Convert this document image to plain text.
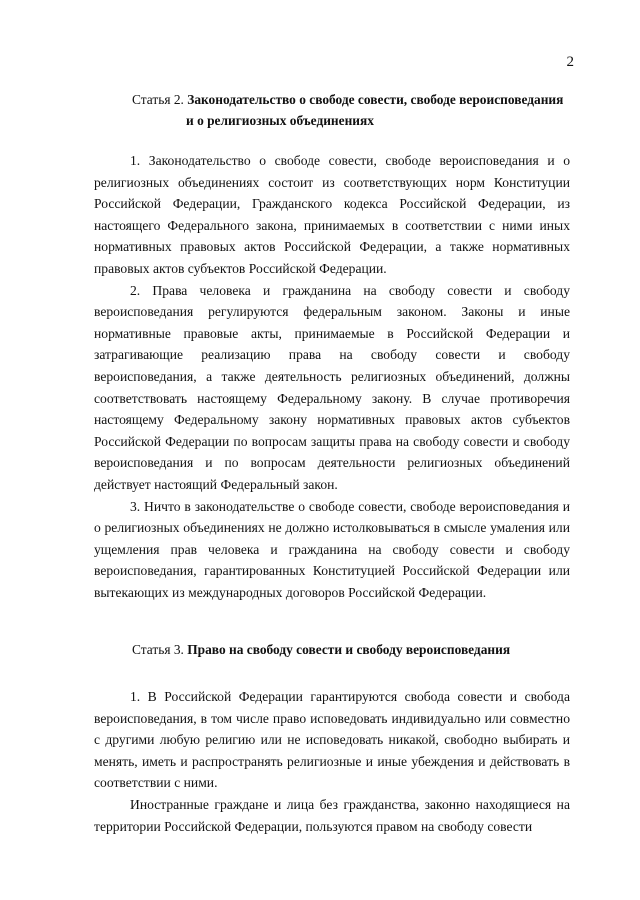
2
Статья 2. Законодательство о свободе совести, свободе вероисповедания
и о религиозных объединениях

1. Законодательство о свободе совести, свободе вероисповедания и о религиозных объединениях состоит из соответствующих норм Конституции Российской Федерации, Гражданского кодекса Российской Федерации, из настоящего Федерального закона, принимаемых в соответствии с ними иных нормативных правовых актов Российской Федерации, а также нормативных правовых актов субъектов Российской Федерации.

2. Права человека и гражданина на свободу совести и свободу вероисповедания регулируются федеральным законом. Законы и иные нормативные правовые акты, принимаемые в Российской Федерации и затрагивающие реализацию права на свободу совести и свободу вероисповедания, а также деятельность религиозных объединений, должны соответствовать настоящему Федеральному закону. В случае противоречия настоящему Федеральному закону нормативных правовых актов субъектов Российской Федерации по вопросам защиты права на свободу совести и свободу вероисповедания и по вопросам деятельности религиозных объединений действует настоящий Федеральный закон.

3. Ничто в законодательстве о свободе совести, свободе вероисповедания и о религиозных объединениях не должно истолковываться в смысле умаления или ущемления прав человека и гражданина на свободу совести и свободу вероисповедания, гарантированных Конституцией Российской Федерации или вытекающих из международных договоров Российской Федерации.

Статья 3. Право на свободу совести и свободу вероисповедания

1. В Российской Федерации гарантируются свобода совести и свобода вероисповедания, в том числе право исповедовать индивидуально или совместно с другими любую религию или не исповедовать никакой, свободно выбирать и менять, иметь и распространять религиозные и иные убеждения и действовать в соответствии с ними.

Иностранные граждане и лица без гражданства, законно находящиеся на территории Российской Федерации, пользуются правом на свободу совести
